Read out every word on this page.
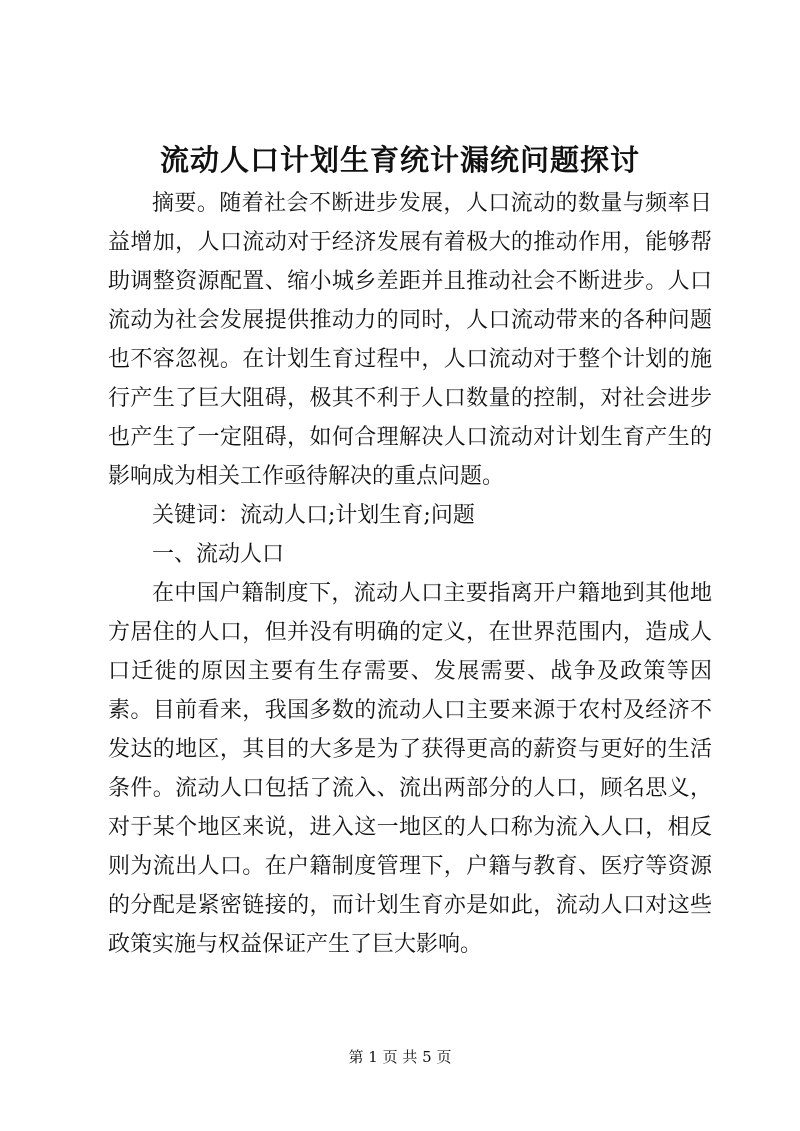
流动人口计划生育统计漏统问题探讨

摘要。随着社会不断进步发展，人口流动的数量与频率日益增加，人口流动对于经济发展有着极大的推动作用，能够帮助调整资源配置、缩小城乡差距并且推动社会不断进步。人口流动为社会发展提供推动力的同时，人口流动带来的各种问题也不容忽视。在计划生育过程中，人口流动对于整个计划的施行产生了巨大阻碍，极其不利于人口数量的控制，对社会进步也产生了一定阻碍，如何合理解决人口流动对计划生育产生的影响成为相关工作亟待解决的重点问题。

关键词：流动人口;计划生育;问题

一、流动人口

在中国户籍制度下，流动人口主要指离开户籍地到其他地方居住的人口，但并没有明确的定义，在世界范围内，造成人口迁徙的原因主要有生存需要、发展需要、战争及政策等因素。目前看来，我国多数的流动人口主要来源于农村及经济不发达的地区，其目的大多是为了获得更高的薪资与更好的生活条件。流动人口包括了流入、流出两部分的人口，顾名思义，对于某个地区来说，进入这一地区的人口称为流入人口，相反则为流出人口。在户籍制度管理下，户籍与教育、医疗等资源的分配是紧密链接的，而计划生育亦是如此，流动人口对这些政策实施与权益保证产生了巨大影响。

第 1 页 共 5 页
